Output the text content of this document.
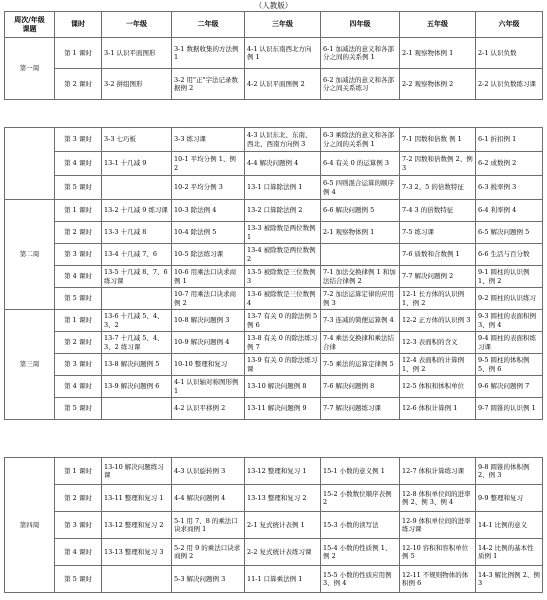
（人教版）
周次/年级
课题	课时	一年级	二年级	三年级	四年级	五年级	六年级
第一周	第 1 课时	3-1 认识平面图形	3-1 数据收集的方法例 1	4-1 认识东南西北方向例 1	6-1 加减法的意义和各部分之间的关系例 1	2-1 观察物体例 1	2-1 认识负数
	第 2 课时	3-2 拼组图形	3-2 用"正"字法记录数据例 2	4-2 认识平面图例 2	6-2 加减法的意义和各部分之间关系练习	2-2 观察物体例 2	2-2 认识负数练习课
	第 3 课时	3-3 七巧板	3-3 练习课	4-3 认识东北、东南、西北、西南方向例 3	6-3 乘除法的意义和各部分之间的关系例 1	7-1 因数和倍数 例 1	6-1 折扣例 1
	第 4 课时	13-1 十几减 9	10-1 平均分例 1、例 2	4-4 解决问题例 4	6-4 有关 0 的运算例 3	7-2 因数和倍数例 2、例 3	6-2 成数例 2
	第 5 课时		10-2 平均分例 3	13-1 口算除法例 1	6-5 四则混合运算的顺序例 4	7-3 2、5 的倍数特征	6-3 税率例 3
第二周	第 1 课时	13-2 十几减 9 练习课	10-3 除法例 4	13-2 口算除法例 2	6-6 解决问题例 5	7-4 3 的倍数特征	6-4 利率例 4
	第 2 课时	13-3 十几减 8	10-4 除法例 5	13-3 被除数是两位数例 1	2-1 观察物体例 1	7-5 练习课	6-5 解决问题例 5
	第 3 课时	13-4 十几减 7、6	10-5 除法练习课	13-4 被除数是两位数例 2		7-6 质数和合数例 1	6-6 生活与百分数
	第 4 课时	13-5 十几减 8、7、6 练习课	10-6 用乘法口诀求商例 1	13-5 被除数是三位数例 3	7-1 加法交换律例 1 和加法结合律例 2	7-7 解决问题例 2	9-1 圆柱的认识例 1、例 2
	第 5 课时		10-7 用乘法口诀求商例 2	13-6 被除数是三位数例 4	7-2 加法运算定律的应用例 3	12-1 长方体的认识例 1、例 2	9-2 圆柱的认识练习
第三周	第 1 课时	13-6 十几减 5、4、3、2	10-8 解决问题例 3	13-7 有关 0 的除法例 5 例 6	7-3 连减的简便运算例 4	12-2 正方体的认识例 3	9-3 圆柱的表面积例 3、例 4
	第 2 课时	13-7 十几减 5、4、3、2 练习课	10-9 解决问题例 4	13-8 有关 0 的除法练习例 7	7-4 乘法交换律和乘法结合律	12-3 表面积的含义	9-4 圆柱的表面积练习课
	第 3 课时	13-8 解决问题例 5	10-10 整理和复习	13-9 有关 0 的除法练习课	7-5 乘法的运算定律例 5	12-4 表面积的计算例 1、例 2	9-5 圆柱的体积例 5、例 6
	第 4 课时	13-9 解决问题例 6	4-1 认识轴对称图形例 1	13-10 解决问题例 8	7-6 解决问题例 8	12-5 体积和体积单位	9-6 解决问题例 7
	第 5 课时		4-2 认识平移例 2	13-11 解决问题例 9	7-7 解决问题练习课	12-6 体积计算例 1	9-7 圆锥的认识例 1
第四周	第 1 课时	13-10 解决问题练习课	4-3 认识旋转例 3	13-12 整理和复习 1	15-1 小数的意义例 1	12-7 体积计算练习课	9-8 圆锥的体积例 2、例 3
	第 2 课时	13-11 整理和复习 1	4-4 解决问题例 4	13-13 整理和复习 2	15-2 小数数位顺序表例 2	12-8 体积单位间的进率例 2、例 3、例 4	9-9 整理和复习
	第 3 课时	13-12 整理和复习 2	5-1 用 7、8 的乘法口诀求商例 1	2-1 复式统计表例 1	15-3 小数的读写法	12-9 体积单位间的进率练习课	14-1 比例的意义
	第 4 课时	13-13 整理和复习 3	5-2 用 9 的乘法口诀求商例 2	2-2 复式统计表练习课	15-4 小数的性质例 1、例 2	12-10 容积和容积单位例 5	14-2 比例的基本性质例 1
	第 5 课时		5-3 解决问题例 3	11-1 口算乘法例 1	15-5 小数的性质应用例 3、例 4	12-11 不规则物体的体积例 6	14-3 解比例例 2、例 3
